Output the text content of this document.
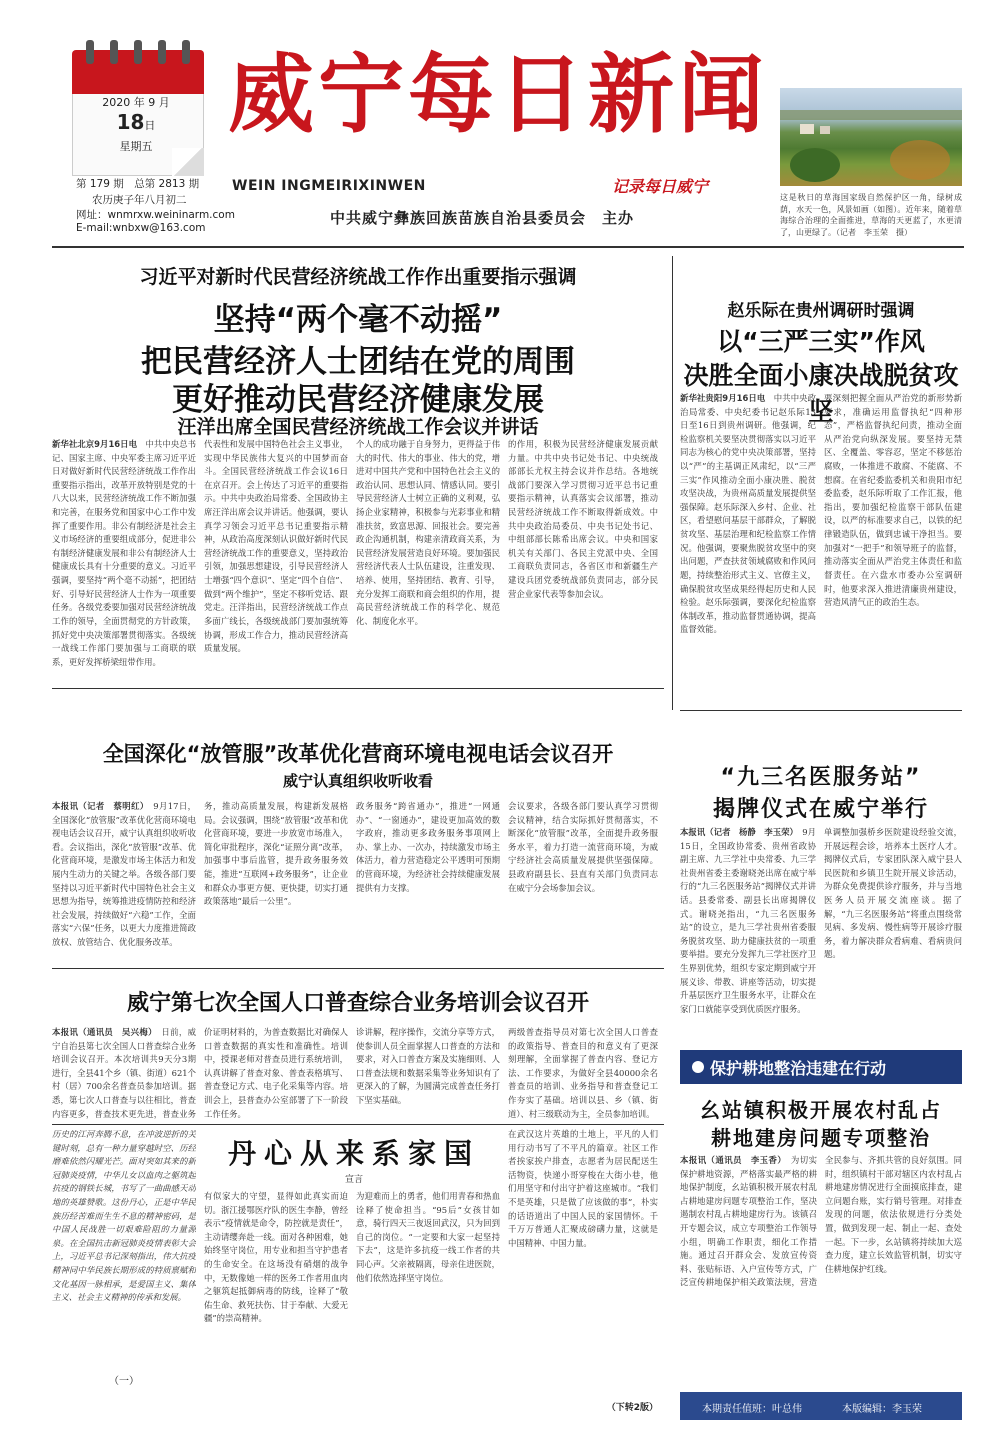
2020 年 9 月
18日
星期五
第 179 期　 总第 2813 期
农历庚子年八月初二
网址：wnmrxw.weininarm.com
E-mail:wnbxw@163.com
威宁每日新闻
WEIN INGMEIRIXINWEN	记录每日威宁
中共威宁彝族回族苗族自治县委员会　主办
这是秋日的草海国家级自然保护区一角，绿树成荫，水天一色，风景如画（如图）。近年来，随着草海综合治理的全面推进，草海的天更蓝了，水更清了，山更绿了。（记者　李玉荣　摄）
习近平对新时代民营经济统战工作作出重要指示强调
坚持“两个毫不动摇”
把民营经济人士团结在党的周围
更好推动民营经济健康发展
汪洋出席全国民营经济统战工作会议并讲话
新华社北京9月16日电　 中共中央总书记、国家主席、中央军委主席习近平近日对做好新时代民营经济统战工作作出重要指示指出，改革开放特别是党的十八大以来，民营经济统战工作不断加强和完善，在服务党和国家中心工作中发挥了重要作用。非公有制经济是社会主义市场经济的重要组成部分，促进非公有制经济健康发展和非公有制经济人士健康成长具有十分重要的意义。习近平强调，要坚持“两个毫不动摇”，把团结好、引导好民营经济人士作为一项重要任务。各级党委要加强对民营经济统战工作的领导，全面贯彻党的方针政策，抓好党中央决策部署贯彻落实。各级统一战线工作部门要加强与工商联的联系，更好发挥桥梁纽带作用。
代表性和发展中国特色社会主义事业，实现中华民族伟大复兴的中国梦而奋斗。全国民营经济统战工作会议16日在京召开。会上传达了习近平的重要指示。中共中央政治局常委、全国政协主席汪洋出席会议并讲话。他强调，要认真学习领会习近平总书记重要指示精神，从政治高度深刻认识做好新时代民营经济统战工作的重要意义，坚持政治引领，加强思想建设，引导民营经济人士增强“四个意识”、坚定“四个自信”、做到“两个维护”，坚定不移听党话、跟党走。汪洋指出，民营经济统战工作点多面广线长，各级统战部门要加强统筹协调，形成工作合力，推动民营经济高质量发展。
个人的成功融于自身努力，更得益于伟大的时代、伟大的事业、伟大的党，增进对中国共产党和中国特色社会主义的政治认同、思想认同、情感认同。要引导民营经济人士树立正确的义利观，弘扬企业家精神，积极参与光彩事业和精准扶贫，致富思源、回报社会。要完善政企沟通机制，构建亲清政商关系，为民营经济发展营造良好环境。要加强民营经济代表人士队伍建设，注重发现、培养、使用，坚持团结、教育、引导，充分发挥工商联和商会组织的作用，提高民营经济统战工作的科学化、规范化、制度化水平。
的作用，积极为民营经济健康发展贡献力量。中共中央书记处书记、中央统战部部长尤权主持会议并作总结。各地统战部门要深入学习贯彻习近平总书记重要指示精神，认真落实会议部署，推动民营经济统战工作不断取得新成效。中共中央政治局委员、中央书记处书记、中组部部长陈希出席会议。中央和国家机关有关部门、各民主党派中央、全国工商联负责同志，各省区市和新疆生产建设兵团党委统战部负责同志，部分民营企业家代表等参加会议。
赵乐际在贵州调研时强调
以“三严三实”作风
决胜全面小康决战脱贫攻坚
新华社贵阳9月16日电　 中共中央政治局常委、中央纪委书记赵乐际13日至16日到贵州调研。他强调，纪检监察机关要坚决贯彻落实以习近平同志为核心的党中央决策部署，坚持以“严”的主基调正风肃纪，以“三严三实”作风推动全面小康决胜、脱贫攻坚决战，为贵州高质量发展提供坚强保障。赵乐际深入乡村、企业、社区，看望慰问基层干部群众，了解脱贫攻坚、基层治理和纪检监察工作情况。他强调，要聚焦脱贫攻坚中的突出问题，严查扶贫领域腐败和作风问题，持续整治形式主义、官僚主义，确保脱贫攻坚成果经得起历史和人民检验。赵乐际强调，要深化纪检监察体制改革，推动监督贯通协调，提高监督效能。
要深刻把握全面从严治党的新形势新要求，准确运用监督执纪“四种形态”，严格监督执纪问责，推动全面从严治党向纵深发展。要坚持无禁区、全覆盖、零容忍，坚定不移惩治腐败，一体推进不敢腐、不能腐、不想腐。在省纪委监委机关和贵阳市纪委监委，赵乐际听取了工作汇报，他指出，要加强纪检监察干部队伍建设，以严的标准要求自己，以铁的纪律锻造队伍，做到忠诚干净担当。要加强对“一把手”和领导班子的监督，推动落实全面从严治党主体责任和监督责任。在六盘水市委办公室调研时，他要求深入推进清廉贵州建设，营造风清气正的政治生态。
全国深化“放管服”改革优化营商环境电视电话会议召开
威宁认真组织收听收看
本报讯（记者　蔡明红）　 9月17日，全国深化“放管服”改革优化营商环境电视电话会议召开，威宁认真组织收听收看。会议指出，深化“放管服”改革、优化营商环境，是激发市场主体活力和发展内生动力的关键之举。各级各部门要坚持以习近平新时代中国特色社会主义思想为指导，统筹推进疫情防控和经济社会发展，持续做好“六稳”工作，全面落实“六保”任务，以更大力度推进简政放权、放管结合、优化服务改革。
务，推动高质量发展，构建新发展格局。会议强调，围绕“放管服”改革和优化营商环境，要进一步放宽市场准入，简化审批程序，深化“证照分离”改革，加强事中事后监管，提升政务服务效能，推进“互联网+政务服务”，让企业和群众办事更方便、更快捷，切实打通政策落地“最后一公里”。
政务服务“跨省通办”，推进“一网通办”、“一窗通办”，建设更加高效的数字政府，推动更多政务服务事项网上办、掌上办、一次办，持续激发市场主体活力，着力营造稳定公平透明可预期的营商环境，为经济社会持续健康发展提供有力支撑。
会议要求，各级各部门要认真学习贯彻会议精神，结合实际抓好贯彻落实，不断深化“放管服”改革，全面提升政务服务水平，着力打造一流营商环境，为威宁经济社会高质量发展提供坚强保障。县政府副县长、县直有关部门负责同志在威宁分会场参加会议。
“九三名医服务站”
揭牌仪式在威宁举行
本报讯（记者　杨静　李玉荣）　 9月15日，全国政协常委、贵州省政协副主席、九三学社中央常委、九三学社贵州省委主委谢晓尧出席在威宁举行的“九三名医服务站”揭牌仪式并讲话。县委常委、副县长出席揭牌仪式。谢晓尧指出，“九三名医服务站”的设立，是九三学社贵州省委服务脱贫攻坚、助力健康扶贫的一项重要举措。要充分发挥九三学社医疗卫生界别优势，组织专家定期到威宁开展义诊、带教、讲座等活动，切实提升基层医疗卫生服务水平，让群众在家门口就能享受到优质医疗服务。
单调整加强桥乡医院建设经验交流，开展远程会诊，培养本土医疗人才。揭牌仪式后，专家团队深入威宁县人民医院和乡镇卫生院开展义诊活动，为群众免费提供诊疗服务，并与当地医务人员开展交流座谈。据了解，“九三名医服务站”将重点围绕常见病、多发病、慢性病等开展诊疗服务，着力解决群众看病难、看病贵问题。
威宁第七次全国人口普查综合业务培训会议召开
本报讯（通讯员　吴兴梅）　 日前，威宁自治县第七次全国人口普查综合业务培训会议召开。本次培训共9天分3期进行，全县41个乡（镇、街道）621个村（居）700余名普查员参加培训。据悉，第七次人口普查与以往相比，普查内容更多，普查技术更先进，普查业务
价证明材料的，为普查数据比对确保人口普查数据的真实性和准确性。培训中，授课老师对普查员进行系统培训，认真讲解了普查对象、普查表格填写、普查登记方式、电子化采集等内容。培训会上，县普查办公室部署了下一阶段工作任务。
诊讲解，程序操作，交流分享等方式，使参训人员全面掌握人口普查的方法和要求，对入口普查方案及实施细则、人口普查法规和数据采集等业务知识有了更深入的了解，为圆满完成普查任务打下坚实基础。
两级普查指导员对第七次全国人口普查的政策指导、普查目的和意义有了更深刻理解，全面掌握了普查内容、登记方法、工作要求，为做好全县40000余名普查员的培训、业务指导和普查登记工作夯实了基础。培训以县、乡（镇、街道）、村三级联动为主，全员参加培训。
保护耕地整治违建在行动
幺站镇积极开展农村乱占
耕地建房问题专项整治
本报讯（通讯员　李玉香）　 为切实保护耕地资源，严格落实最严格的耕地保护制度，幺站镇积极开展农村乱占耕地建房问题专项整治工作，坚决遏制农村乱占耕地建房行为。该镇召开专题会议，成立专项整治工作领导小组，明确工作职责，细化工作措施。通过召开群众会、发放宣传资料、张贴标语、入户宣传等方式，广泛宣传耕地保护相关政策法规，营造全民参与、齐抓共管的良好氛围。同时，组织镇村干部对辖区内农村乱占耕地建房情况进行全面摸底排查，建立问题台账，实行销号管理。对排查发现的问题，依法依规进行分类处置，做到发现一起、制止一起、查处一起。下一步，幺站镇将持续加大巡查力度，建立长效监管机制，切实守住耕地保护红线。
历史的江河奔腾不息，在冲波逆折的关键时刻，总有一种力量穿越时空、历经磨难依然闪耀光芒。面对突如其来的新冠肺炎疫情，中华儿女以血肉之躯筑起抗疫的钢铁长城，书写了一曲曲感天动地的英雄赞歌。这份丹心，正是中华民族历经苦难而生生不息的精神密码，是中国人民战胜一切艰难险阻的力量源泉。在全国抗击新冠肺炎疫情表彰大会上，习近平总书记深刻指出，伟大抗疫精神同中华民族长期形成的特质禀赋和文化基因一脉相承，是爱国主义、集体主义、社会主义精神的传承和发展。
（一）
丹心从来系家国
宣言
有似家大的守望，显得如此真实而迫切。浙江援鄂医疗队的医生李静，曾经表示“疫情就是命令，防控就是责任”，主动请缨奔赴一线。面对各种困难，她始终坚守岗位，用专业和担当守护患者的生命安全。在这场没有硝烟的战争中，无数像她一样的医务工作者用血肉之躯筑起抵御病毒的防线，诠释了“敬佑生命、救死扶伤、甘于奉献、大爱无疆”的崇高精神。
为迎难而上的勇者，他们用青春和热血诠释了使命担当。“95后”女孩甘如意，骑行四天三夜返回武汉，只为回到自己的岗位。“一定要和大家一起坚持下去”，这是许多抗疫一线工作者的共同心声。父亲被隔离，母亲住进医院，他们依然选择坚守岗位。
在武汉这片英雄的土地上，平凡的人们用行动书写了不平凡的篇章。社区工作者挨家挨户排查，志愿者为居民配送生活物资，快递小哥穿梭在大街小巷，他们用坚守和付出守护着这座城市。“我们不是英雄，只是做了应该做的事”，朴实的话语道出了中国人民的家国情怀。千千万万普通人汇聚成磅礴力量，这就是中国精神、中国力量。
（下转2版）	本期责任值班：叶总伟	本版编辑：李玉荣
